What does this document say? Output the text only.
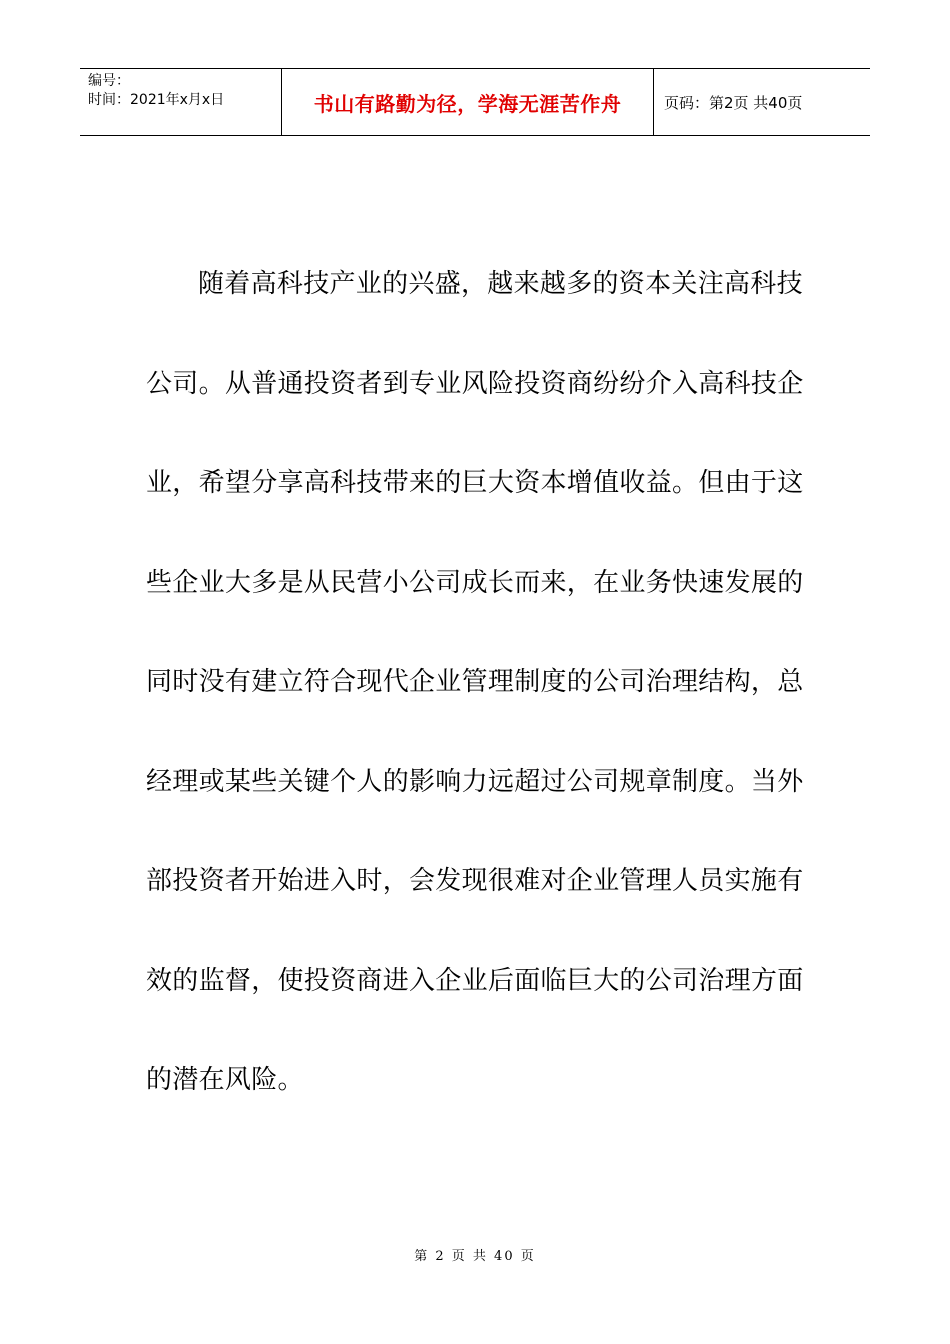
编号：
时间：2021年x月x日	书山有路勤为径，学海无涯苦作舟	页码：第2页 共40页
随着高科技产业的兴盛，越来越多的资本关注高科技
公司。从普通投资者到专业风险投资商纷纷介入高科技企
业，希望分享高科技带来的巨大资本增值收益。但由于这
些企业大多是从民营小公司成长而来，在业务快速发展的
同时没有建立符合现代企业管理制度的公司治理结构，总
经理或某些关键个人的影响力远超过公司规章制度。当外
部投资者开始进入时，会发现很难对企业管理人员实施有
效的监督，使投资商进入企业后面临巨大的公司治理方面
的潜在风险。
第 2 页 共 40 页
